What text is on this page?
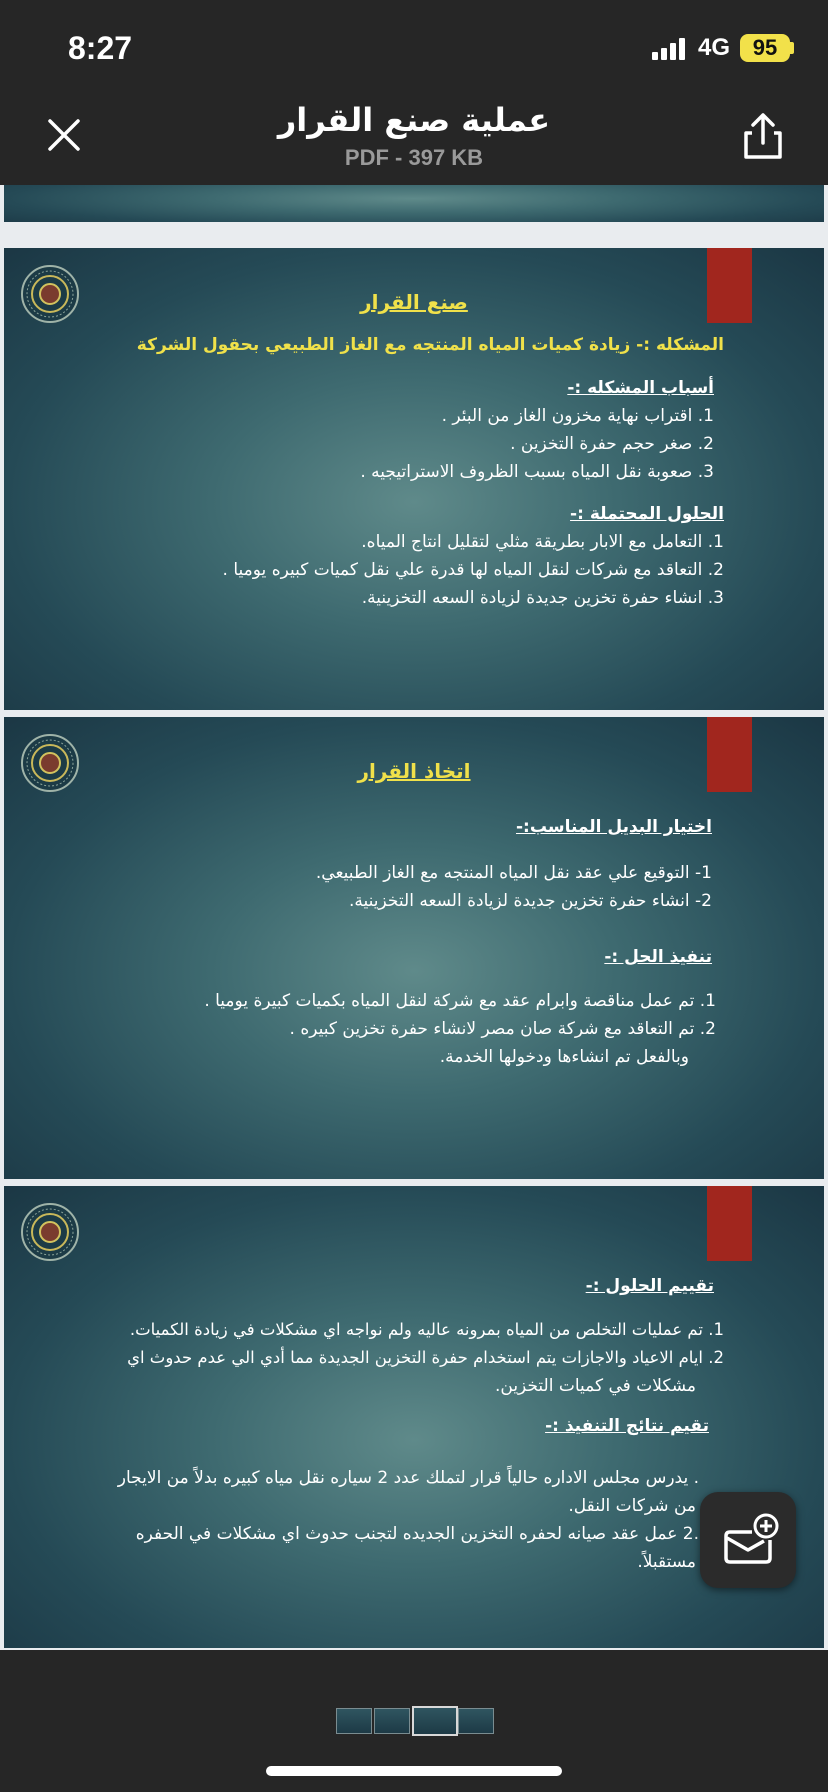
8:27	4G	95
عملية صنع القرار
PDF - 397 KB
صنع القرار
المشكله :- زيادة كميات المياه المنتجه مع الغاز الطبيعي بحقول الشركة
أسباب المشكله :-
1. اقتراب نهاية مخزون الغاز من البئر .
2. صغر حجم حفرة التخزين .
3. صعوبة نقل المياه بسبب الظروف الاستراتيجيه .
الحلول المحتملة :-
1. التعامل مع الابار بطريقة مثلي لتقليل انتاج المياه.
2. التعاقد مع شركات لنقل المياه لها قدرة علي نقل كميات كبيره يوميا .
3. انشاء حفرة تخزين جديدة لزيادة السعه التخزينية.
اتخاذ القرار
اختيار البديل المناسب:-
1- التوقيع علي عقد نقل المياه المنتجه مع الغاز الطبيعي.
2- انشاء حفرة تخزين جديدة لزيادة السعه التخزينية.
تنفيذ الحل :-
1. تم عمل مناقصة وابرام عقد مع شركة لنقل المياه بكميات كبيرة يوميا .
2. تم التعاقد مع شركة صان مصر لانشاء حفرة تخزين كبيره .
وبالفعل تم انشاءها ودخولها الخدمة.
تقييم الحلول :-
1. تم عمليات التخلص من المياه بمرونه عاليه ولم نواجه اي مشكلات في زيادة الكميات.
2. ايام الاعياد والاجازات يتم استخدام حفرة التخزين الجديدة مما أدي الي عدم حدوث اي
مشكلات في كميات التخزين.
تقيم نتائج التنفيذ :-
. يدرس مجلس الاداره حالياً قرار لتملك عدد 2 سياره نقل مياه كبيره بدلاً من الايجار
من شركات النقل.
.2 عمل عقد صيانه لحفره التخزين الجديده لتجنب حدوث اي مشكلات في الحفره
مستقبلاً.
